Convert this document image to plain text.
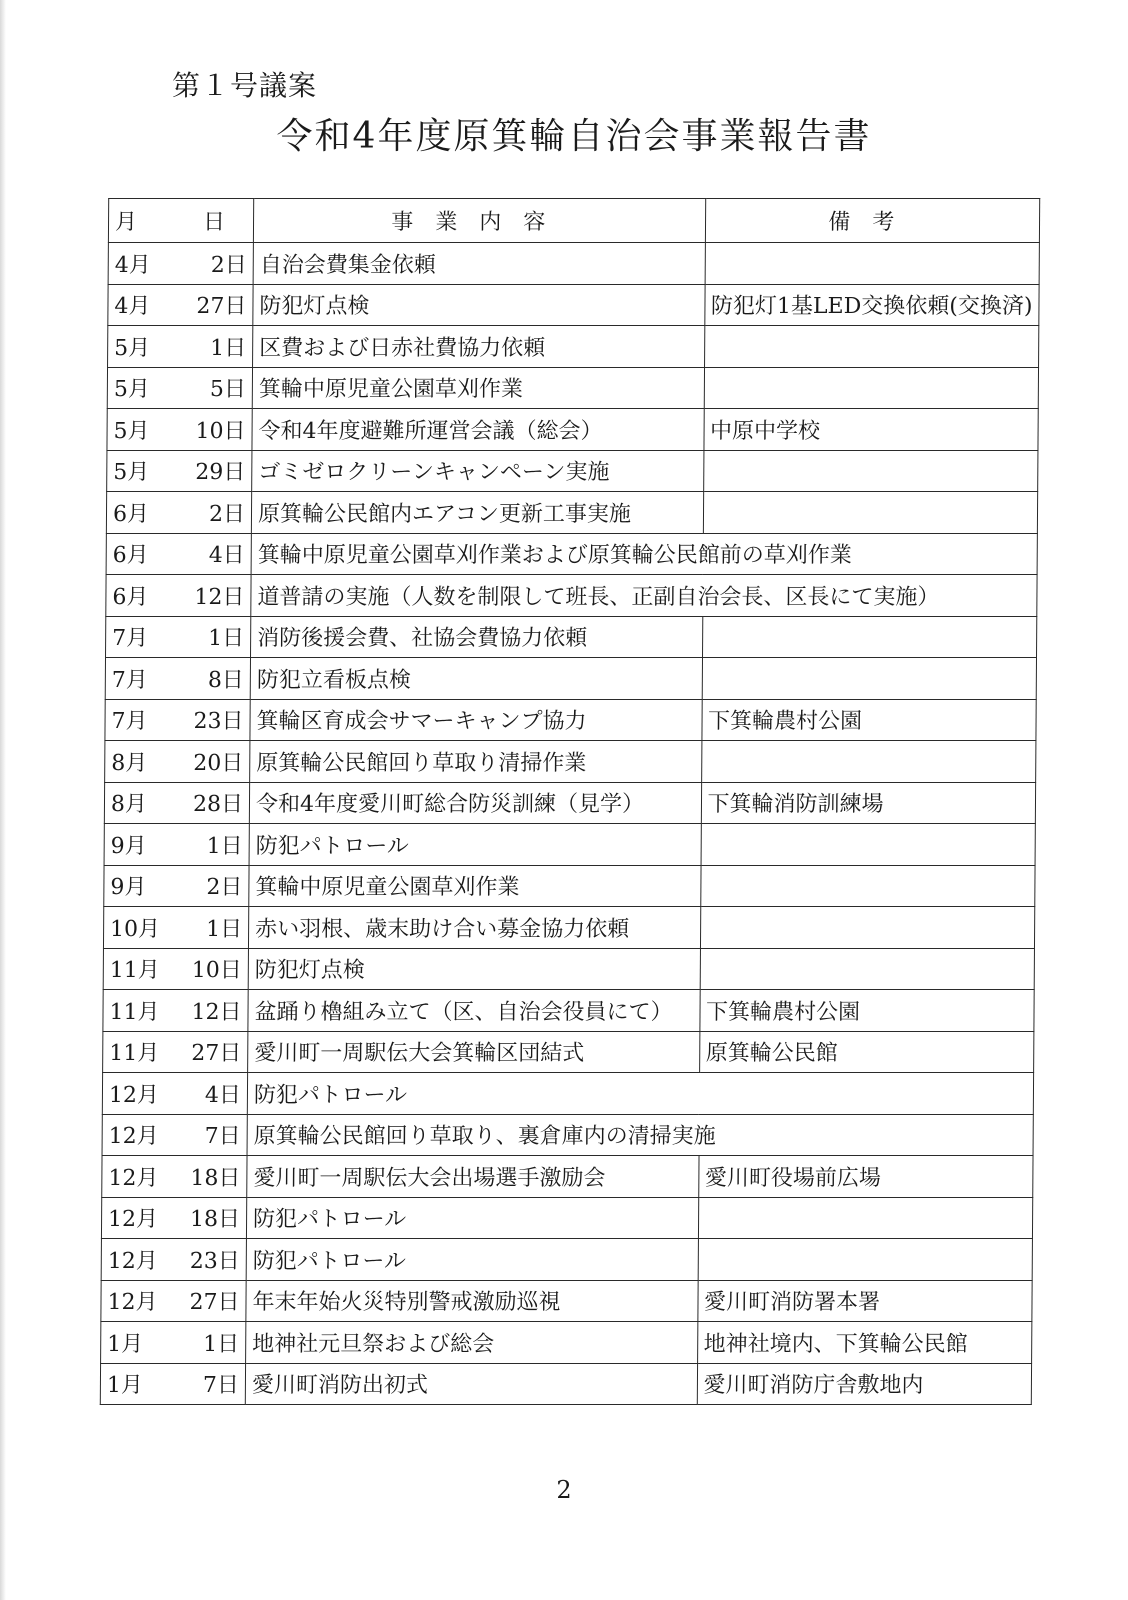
第１号議案
令和4年度原箕輪自治会事業報告書
月　日	事業内容	備考

4月 2日	自治会費集金依頼	

4月 27日	防犯灯点検	防犯灯1基LED交換依頼(交換済)

5月 1日	区費および日赤社費協力依頼	

5月 5日	箕輪中原児童公園草刈作業	

5月 10日	令和4年度避難所運営会議（総会）	中原中学校

5月 29日	ゴミゼロクリーンキャンペーン実施	

6月 2日	原箕輪公民館内エアコン更新工事実施	

6月 4日	箕輪中原児童公園草刈作業および原箕輪公民館前の草刈作業	

6月 12日	道普請の実施（人数を制限して班長、正副自治会長、区長にて実施）	

7月 1日	消防後援会費、社協会費協力依頼	

7月 8日	防犯立看板点検	

7月 23日	箕輪区育成会サマーキャンプ協力	下箕輪農村公園

8月 20日	原箕輪公民館回り草取り清掃作業	

8月 28日	令和4年度愛川町総合防災訓練（見学）	下箕輪消防訓練場

9月 1日	防犯パトロール	

9月 2日	箕輪中原児童公園草刈作業	

10月 1日	赤い羽根、歳末助け合い募金協力依頼	

11月 10日	防犯灯点検	

11月 12日	盆踊り櫓組み立て（区、自治会役員にて）	下箕輪農村公園

11月 27日	愛川町一周駅伝大会箕輪区団結式	原箕輪公民館

12月 4日	防犯パトロール	

12月 7日	原箕輪公民館回り草取り、裏倉庫内の清掃実施	

12月 18日	愛川町一周駅伝大会出場選手激励会	愛川町役場前広場

12月 18日	防犯パトロール	

12月 23日	防犯パトロール	

12月 27日	年末年始火災特別警戒激励巡視	愛川町消防署本署

1月 1日	地神社元旦祭および総会	地神社境内、下箕輪公民館

1月 7日	愛川町消防出初式	愛川町消防庁舎敷地内
2
